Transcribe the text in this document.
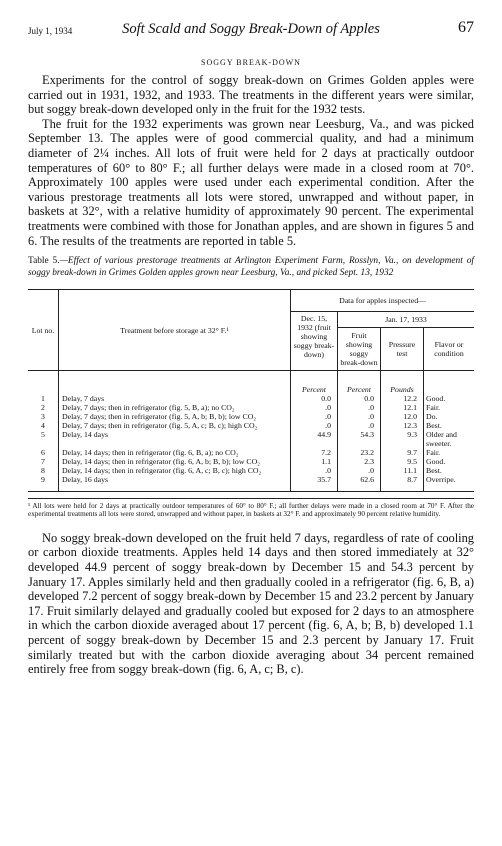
July 1, 1934	Soft Scald and Soggy Break-Down of Apples	67
SOGGY BREAK-DOWN

Experiments for the control of soggy break-down on Grimes Golden apples were carried out in 1931, 1932, and 1933. The treatments in the different years were similar, but soggy break-down developed only in the fruit for the 1932 tests.

The fruit for the 1932 experiments was grown near Leesburg, Va., and was picked September 13. The apples were of good commercial quality, and had a minimum diameter of 2¼ inches. All lots of fruit were held for 2 days at practically outdoor temperatures of 60° to 80° F.; all further delays were made in a closed room at 70°. Approximately 100 apples were used under each experimental condition. After the various prestorage treatments all lots were stored, unwrapped and without paper, in baskets at 32°, with a relative humidity of approximately 90 percent. The experimental treatments were combined with those for Jonathan apples, and are shown in figures 5 and 6. The results of the treatments are reported in table 5.

Table 5.—Effect of various prestorage treatments at Arlington Experiment Farm, Rosslyn, Va., on development of soggy break-down in Grimes Golden apples grown near Leesburg, Va., and picked Sept. 13, 1932
Lot no.	Treatment before storage at 32° F.¹	Data for apples inspected—			
		Dec. 15, 1932 (fruit showing soggy break-down)	Jan. 17, 1933		
			Fruit showing soggy break-down	Pressure test	Flavor or condition
		Percent	Percent	Pounds	
1	Delay, 7 days	0.0	0.0	12.2	Good.
2	Delay, 7 days; then in refrigerator (fig. 5, B, a); no CO₂	.0	.0	12.1	Fair.
3	Delay, 7 days; then in refrigerator (fig. 5, A, b; B, b); low CO₂	.0	.0	12.0	Do.
4	Delay, 7 days; then in refrigerator (fig. 5, A, c; B, c); high CO₂	.0	.0	12.3	Best.
5	Delay, 14 days	44.9	54.3	9.3	Older and sweeter.
6	Delay, 14 days; then in refrigerator (fig. 6, B, a); no CO₂	7.2	23.2	9.7	Fair.
7	Delay, 14 days; then in refrigerator (fig. 6, A, b; B, b); low CO₂	1.1	2.3	9.5	Good.
8	Delay, 14 days; then in refrigerator (fig. 6, A, c; B, c); high CO₂	.0	.0	11.1	Best.
9	Delay, 16 days	35.7	62.6	8.7	Overripe.
¹ All lots were held for 2 days at practically outdoor temperatures of 60° to 80° F.; all further delays were made in a closed room at 70° F. After the experimental treatments all lots were stored, unwrapped and without paper, in baskets at 32° F. and approximately 90 percent relative humidity.

No soggy break-down developed on the fruit held 7 days, regardless of rate of cooling or carbon dioxide treatments. Apples held 14 days and then stored immediately at 32° developed 44.9 percent of soggy break-down by December 15 and 54.3 percent by January 17. Apples similarly held and then gradually cooled in a refrigerator (fig. 6, B, a) developed 7.2 percent of soggy break-down by December 15 and 23.2 percent by January 17. Fruit similarly delayed and gradually cooled but exposed for 2 days to an atmosphere in which the carbon dioxide averaged about 17 percent (fig. 6, A, b; B, b) developed 1.1 percent of soggy break-down by December 15 and 2.3 percent by January 17. Fruit similarly treated but with the carbon dioxide averaging about 34 percent remained entirely free from soggy break-down (fig. 6, A, c; B, c).
